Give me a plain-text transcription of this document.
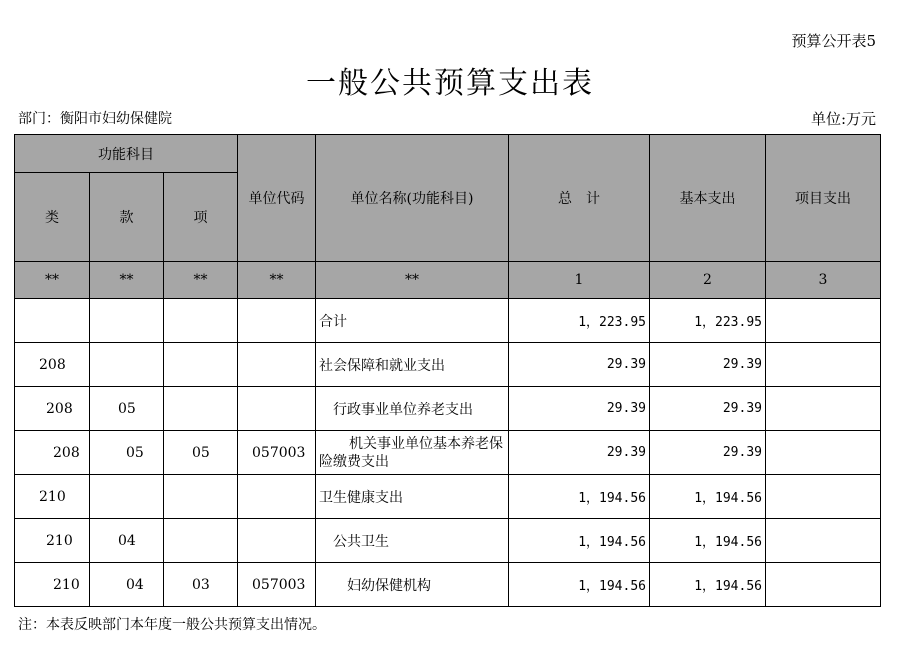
预算公开表5
一般公共预算支出表
部门：衡阳市妇幼保健院	单位:万元
功能科目			单位代码	单位名称(功能科目)	总　计	基本支出	项目支出
类	款	项					
**	**	**	**	**	1	2	3
				合计	1，223.95	1，223.95	
208				社会保障和就业支出	29.39	29.39	
208	05			行政事业单位养老支出	29.39	29.39	
208	05	05	057003	机关事业单位基本养老保险缴费支出	29.39	29.39	
210				卫生健康支出	1，194.56	1，194.56	
210	04			公共卫生	1，194.56	1，194.56	
210	04	03	057003	妇幼保健机构	1，194.56	1，194.56	
注：本表反映部门本年度一般公共预算支出情况。
